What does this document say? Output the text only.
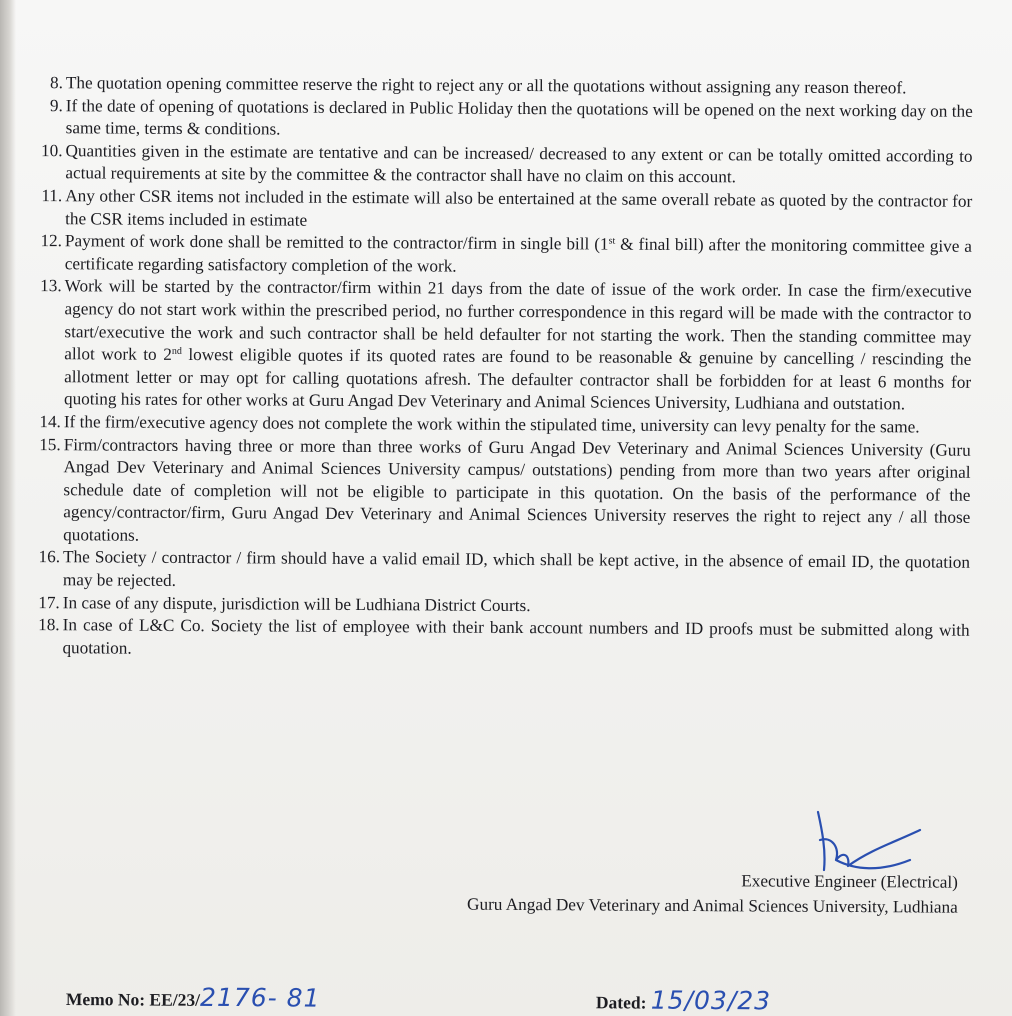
8. The quotation opening committee reserve the right to reject any or all the quotations without assigning any reason thereof.
9. If the date of opening of quotations is declared in Public Holiday then the quotations will be opened on the next working day on the same time, terms & conditions.
10. Quantities given in the estimate are tentative and can be increased/ decreased to any extent or can be totally omitted according to actual requirements at site by the committee & the contractor shall have no claim on this account.
11. Any other CSR items not included in the estimate will also be entertained at the same overall rebate as quoted by the contractor for the CSR items included in estimate
12. Payment of work done shall be remitted to the contractor/firm in single bill (1st & final bill) after the monitoring committee give a certificate regarding satisfactory completion of the work.
13. Work will be started by the contractor/firm within 21 days from the date of issue of the work order. In case the firm/executive agency do not start work within the prescribed period, no further correspondence in this regard will be made with the contractor to start/executive the work and such contractor shall be held defaulter for not starting the work. Then the standing committee may allot work to 2nd lowest eligible quotes if its quoted rates are found to be reasonable & genuine by cancelling / rescinding the allotment letter or may opt for calling quotations afresh. The defaulter contractor shall be forbidden for at least 6 months for quoting his rates for other works at Guru Angad Dev Veterinary and Animal Sciences University, Ludhiana and outstation.
14. If the firm/executive agency does not complete the work within the stipulated time, university can levy penalty for the same.
15. Firm/contractors having three or more than three works of Guru Angad Dev Veterinary and Animal Sciences University (Guru Angad Dev Veterinary and Animal Sciences University campus/ outstations) pending from more than two years after original schedule date of completion will not be eligible to participate in this quotation. On the basis of the performance of the agency/contractor/firm, Guru Angad Dev Veterinary and Animal Sciences University reserves the right to reject any / all those quotations.
16. The Society / contractor / firm should have a valid email ID, which shall be kept active, in the absence of email ID, the quotation may be rejected.
17. In case of any dispute, jurisdiction will be Ludhiana District Courts.
18. In case of L&C Co. Society the list of employee with their bank account numbers and ID proofs must be submitted along with quotation.
Executive Engineer (Electrical)
Guru Angad Dev Veterinary and Animal Sciences University, Ludhiana
Memo No: EE/23/2176- 81	Dated: 15/03/23
